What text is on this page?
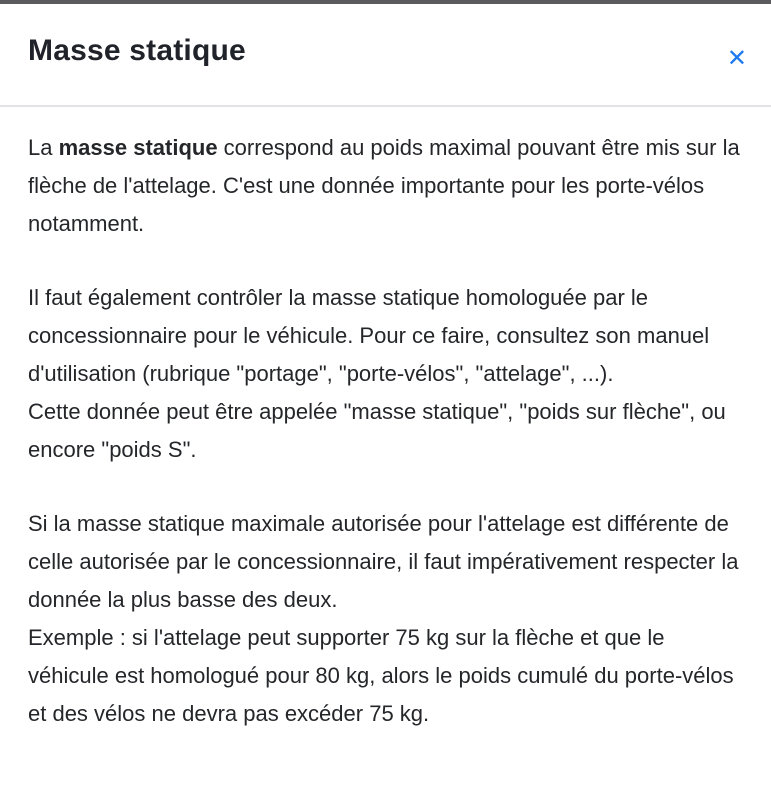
Masse statique	✕

La masse statique correspond au poids maximal pouvant être mis sur la flèche de l'attelage. C'est une donnée importante pour les porte-vélos notamment.

Il faut également contrôler la masse statique homologuée par le concessionnaire pour le véhicule. Pour ce faire, consultez son manuel d'utilisation (rubrique "portage", "porte-vélos", "attelage", ...).
Cette donnée peut être appelée "masse statique", "poids sur flèche", ou encore "poids S".

Si la masse statique maximale autorisée pour l'attelage est différente de celle autorisée par le concessionnaire, il faut impérativement respecter la donnée la plus basse des deux.
Exemple : si l'attelage peut supporter 75 kg sur la flèche et que le véhicule est homologué pour 80 kg, alors le poids cumulé du porte-vélos et des vélos ne devra pas excéder 75 kg.
